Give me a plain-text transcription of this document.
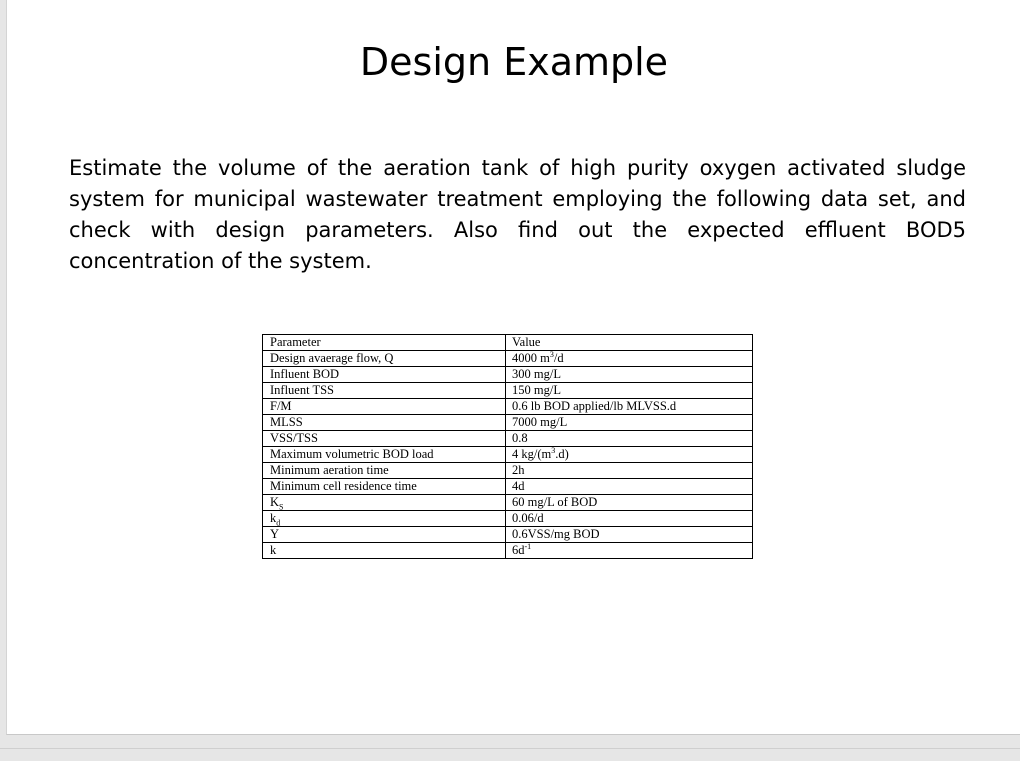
Design Example

Estimate the volume of the aeration tank of high purity oxygen activated sludge system for municipal wastewater treatment employing the following data set, and check with design parameters. Also find out the expected effluent BOD5 concentration of the system.

Parameter	Value
Design avaerage flow, Q	4000 $m^3/d$
Influent BOD	300 mg/L
Influent TSS	150 mg/L
F/M	0.6 lb BOD applied/lb MLVSS.d
MLSS	7000 mg/L
VSS/TSS	0.8
Maximum volumetric BOD load	4 $kg/(m^3.d)$
Minimum aeration time	2h
Minimum cell residence time	4d
$K_S$	60 mg/L of BOD
$k_d$	0.06/d
Y	0.6VSS/mg BOD
k	$6d^{-1}$
